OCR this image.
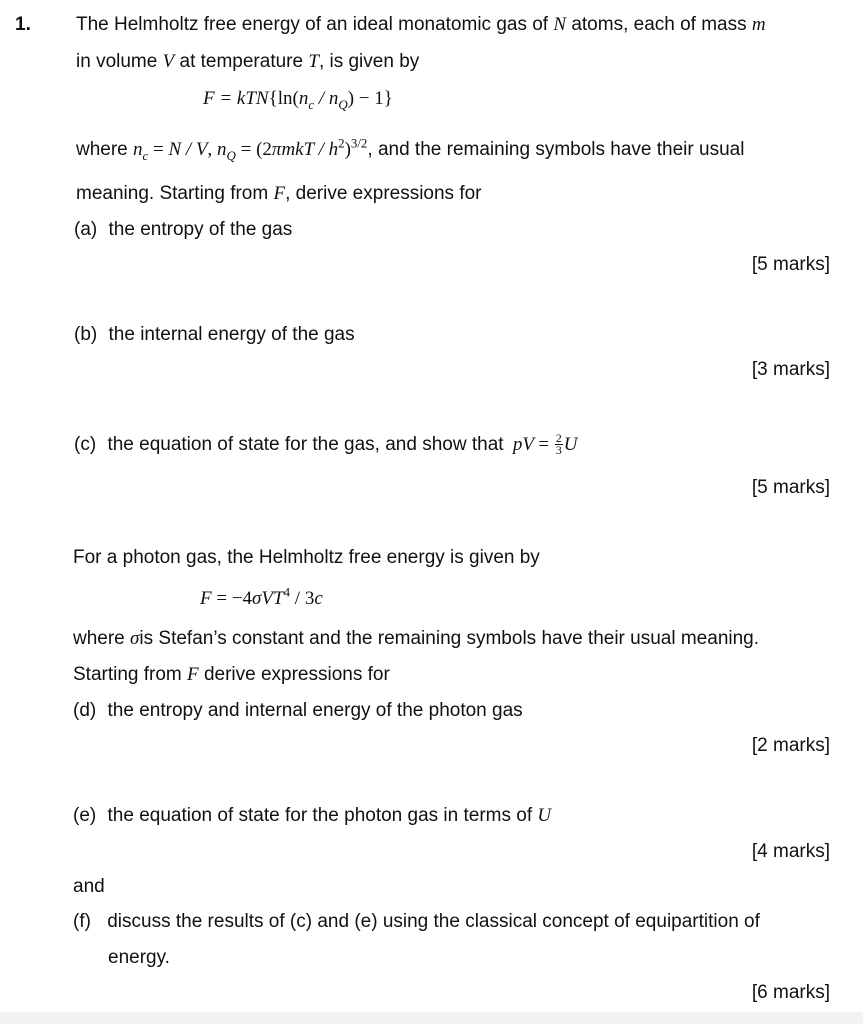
1. The Helmholtz free energy of an ideal monatomic gas of N atoms, each of mass m
in volume V at temperature T, is given by
$F = kTN\{\ln(n_c / n_Q) - 1\}$
where $n_c = N / V$, $n_Q = (2\pi mkT / h^2)^{3/2}$, and the remaining symbols have their usual
meaning. Starting from F, derive expressions for
(a) the entropy of the gas
[5 marks]
(b) the internal energy of the gas
[3 marks]
(c) the equation of state for the gas, and show that pV = $\frac{2}{3}$ U
[5 marks]
For a photon gas, the Helmholtz free energy is given by
F = −4σVT$^4$ / 3c
where σis Stefan’s constant and the remaining symbols have their usual meaning.
Starting from F derive expressions for
(d) the entropy and internal energy of the photon gas
[2 marks]
(e) the equation of state for the photon gas in terms of U
[4 marks]
and
(f) discuss the results of (c) and (e) using the classical concept of equipartition of
energy.
[6 marks]
